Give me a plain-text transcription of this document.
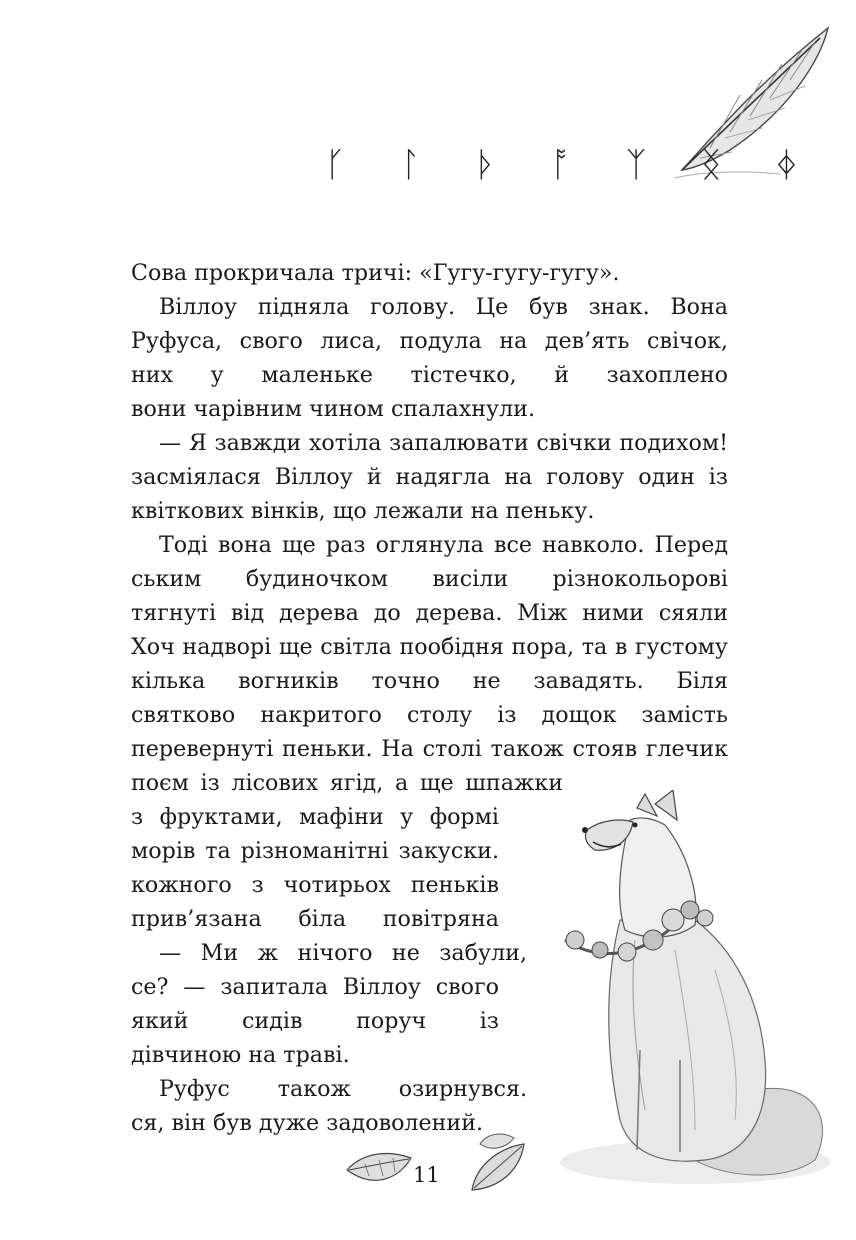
ᚴ ᛚ ᚦ ᚩ ᛉ ᛝ ᛄ
Сова прокричала тричі: «Гугу-гугу-гугу».
Віллоу підняла голову. Це був знак. Вона
Руфуса, свого лиса, подула на дев’ять свічок,
них у маленьке тістечко, й захоплено
вони чарівним чином спалахнули.
— Я завжди хотіла запалювати свічки подихом!
засміялася Віллоу й надягла на голову один із
квіткових вінків, що лежали на пеньку.
Тоді вона ще раз оглянула все навколо. Перед
ським будиночком висіли різнокольорові
тягнуті від дерева до дерева. Між ними сяяли
Хоч надворі ще світла пообідня пора, та в густому
кілька вогників точно не завадять. Біля
святково накритого столу із дощок замість
перевернуті пеньки. На столі також стояв глечик
поєм із лісових ягід, а ще шпажки
з фруктами, мафіни у формі
морів та різноманітні закуски.
кожного з чотирьох пеньків
прив’язана біла повітряна
— Ми ж нічого не забули,
се? — запитала Віллоу свого
який сидів поруч із
дівчиною на траві.
Руфус також озирнувся.
ся, він був дуже задоволений.
11
